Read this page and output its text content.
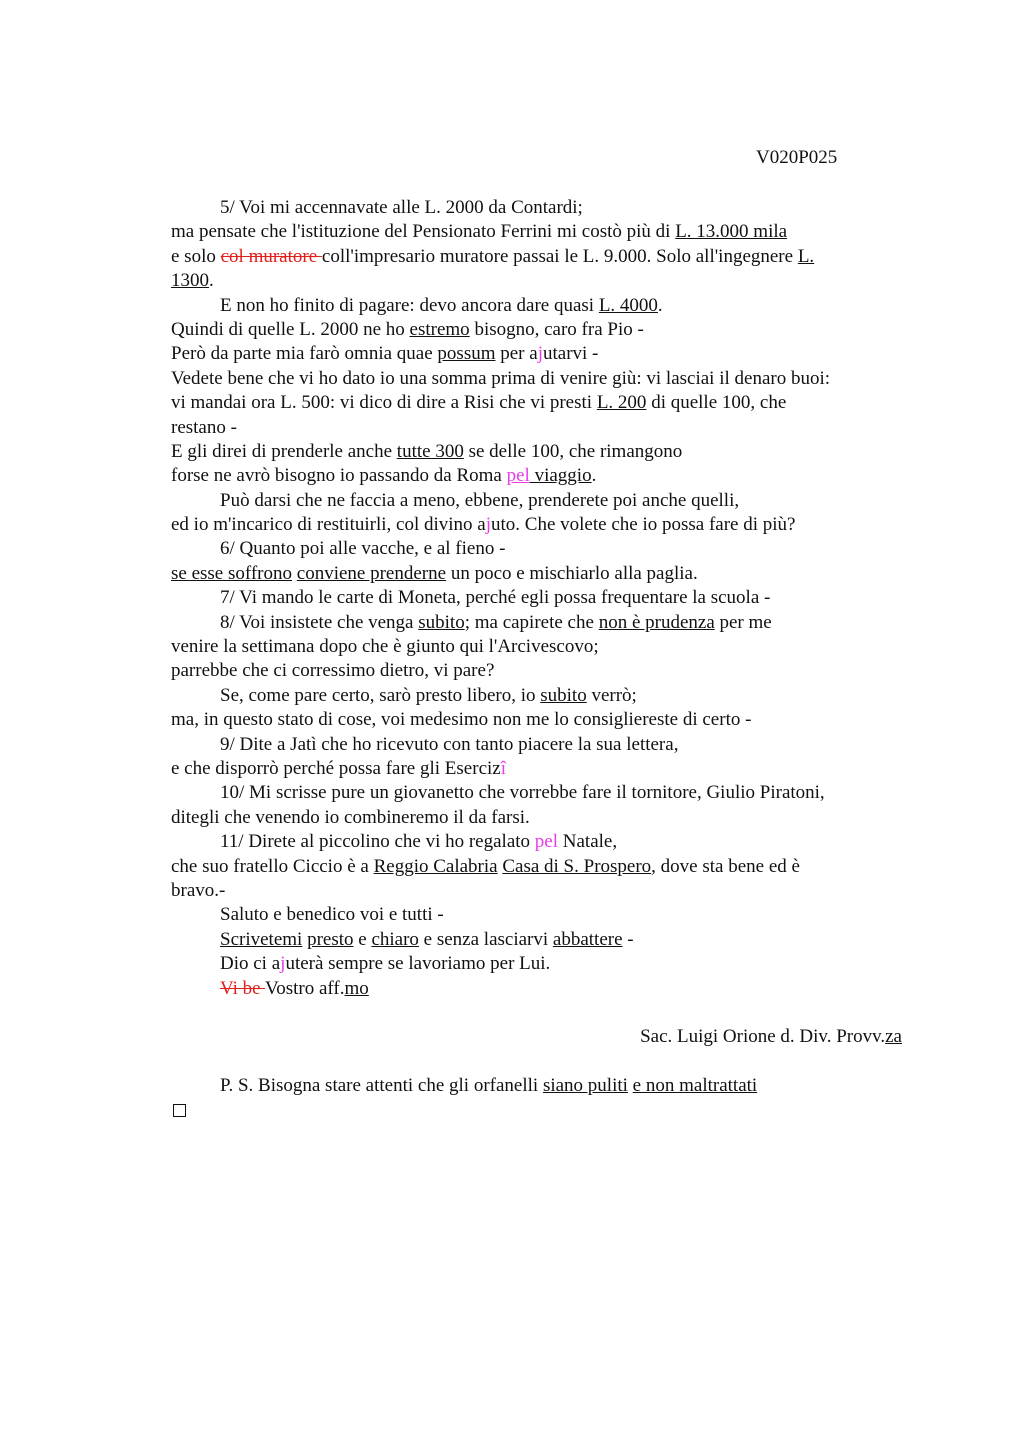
V020P025
5/ Voi mi accennavate alle L. 2000 da Contardi;
ma pensate che l'istituzione del Pensionato Ferrini mi costò più di L. 13.000 mila
e solo col muratore coll'impresario muratore passai le L. 9.000. Solo all'ingegnere L.
1300.
E non ho finito di pagare: devo ancora dare quasi L. 4000.
Quindi di quelle L. 2000 ne ho estremo bisogno, caro fra Pio -
Però da parte mia farò omnia quae possum per ajutarvi -
Vedete bene che vi ho dato io una somma prima di venire giù: vi lasciai il denaro buoi:
vi mandai ora L. 500: vi dico di dire a Risi che vi presti L. 200 di quelle 100, che
restano -
E gli direi di prenderle anche tutte 300 se delle 100, che rimangono
forse ne avrò bisogno io passando da Roma pel viaggio.
Può darsi che ne faccia a meno, ebbene, prenderete poi anche quelli,
ed io m'incarico di restituirli, col divino ajuto. Che volete che io possa fare di più?
6/ Quanto poi alle vacche, e al fieno -
se esse soffrono conviene prenderne un poco e mischiarlo alla paglia.
7/ Vi mando le carte di Moneta, perché egli possa frequentare la scuola -
8/ Voi insistete che venga subito; ma capirete che non è prudenza per me
venire la settimana dopo che è giunto qui l'Arcivescovo;
parrebbe che ci corressimo dietro, vi pare?
Se, come pare certo, sarò presto libero, io subito verrò;
ma, in questo stato di cose, voi medesimo non me lo consigliereste di certo -
9/ Dite a Jatì che ho ricevuto con tanto piacere la sua lettera,
e che disporrò perché possa fare gli Esercizî
10/ Mi scrisse pure un giovanetto che vorrebbe fare il tornitore, Giulio Piratoni,
ditegli che venendo io combineremo il da farsi.
11/ Direte al piccolino che vi ho regalato pel Natale,
che suo fratello Ciccio è a Reggio Calabria Casa di S. Prospero, dove sta bene ed è
bravo.-
Saluto e benedico voi e tutti -
Scrivetemi presto e chiaro e senza lasciarvi abbattere -
Dio ci ajuterà sempre se lavoriamo per Lui.
Vi be Vostro aff.mo
Sac. Luigi Orione d. Div. Provv.za
P. S. Bisogna stare attenti che gli orfanelli siano puliti e non maltrattati
